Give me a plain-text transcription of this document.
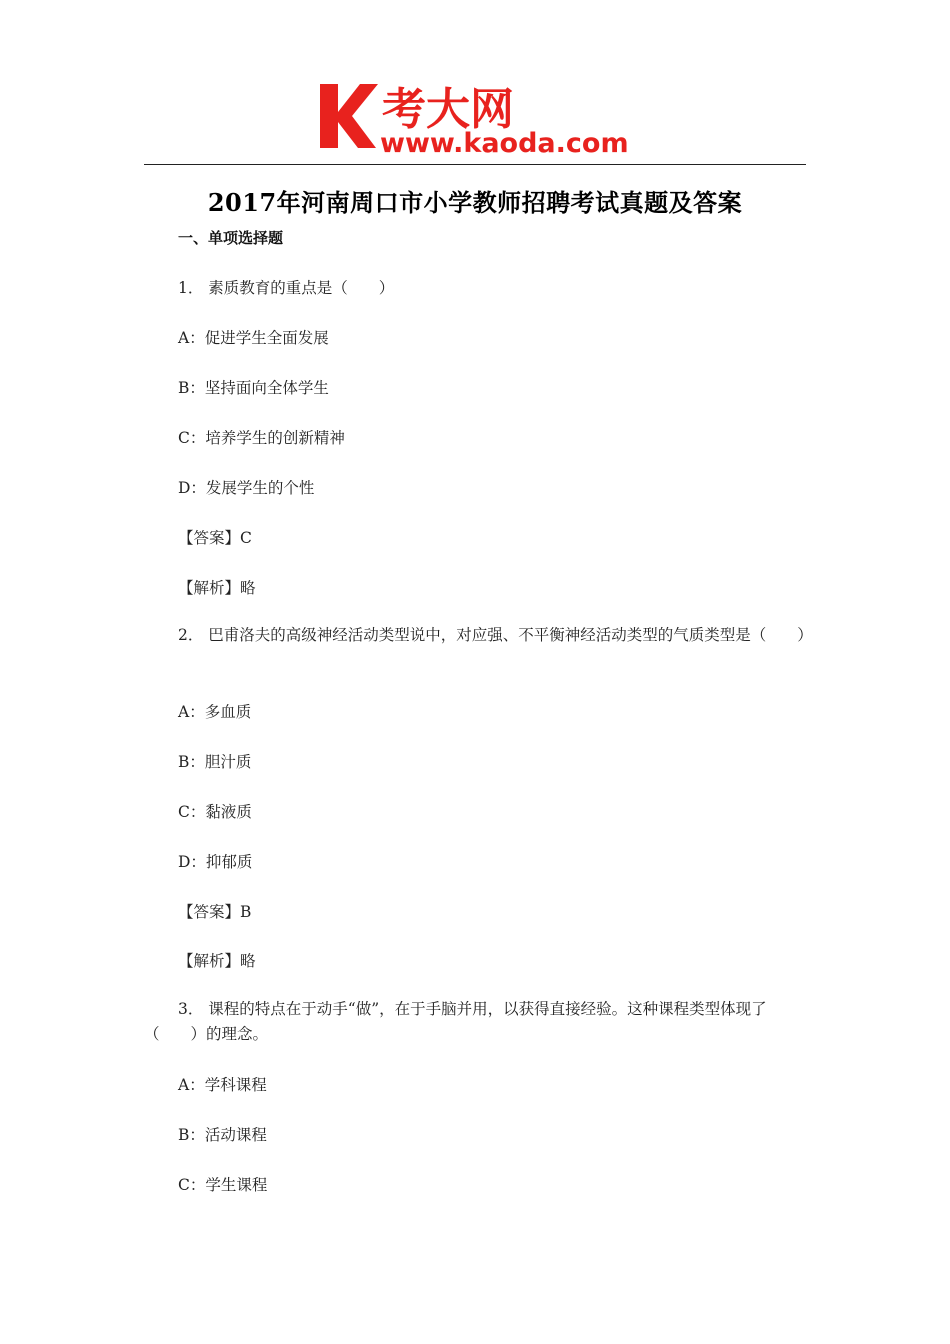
考大网
www.kaoda.com
2017年河南周口市小学教师招聘考试真题及答案
一、单项选择题
1． 素质教育的重点是（　　）
A：促进学生全面发展
B：坚持面向全体学生
C：培养学生的创新精神
D：发展学生的个性
【答案】C
【解析】略
2． 巴甫洛夫的高级神经活动类型说中，对应强、不平衡神经活动类型的气质类型是（　　）
A：多血质
B：胆汁质
C：黏液质
D：抑郁质
【答案】B
【解析】略
3． 课程的特点在于动手“做”，在于手脑并用，以获得直接经验。这种课程类型体现了（　　）的理念。
A：学科课程
B：活动课程
C：学生课程
